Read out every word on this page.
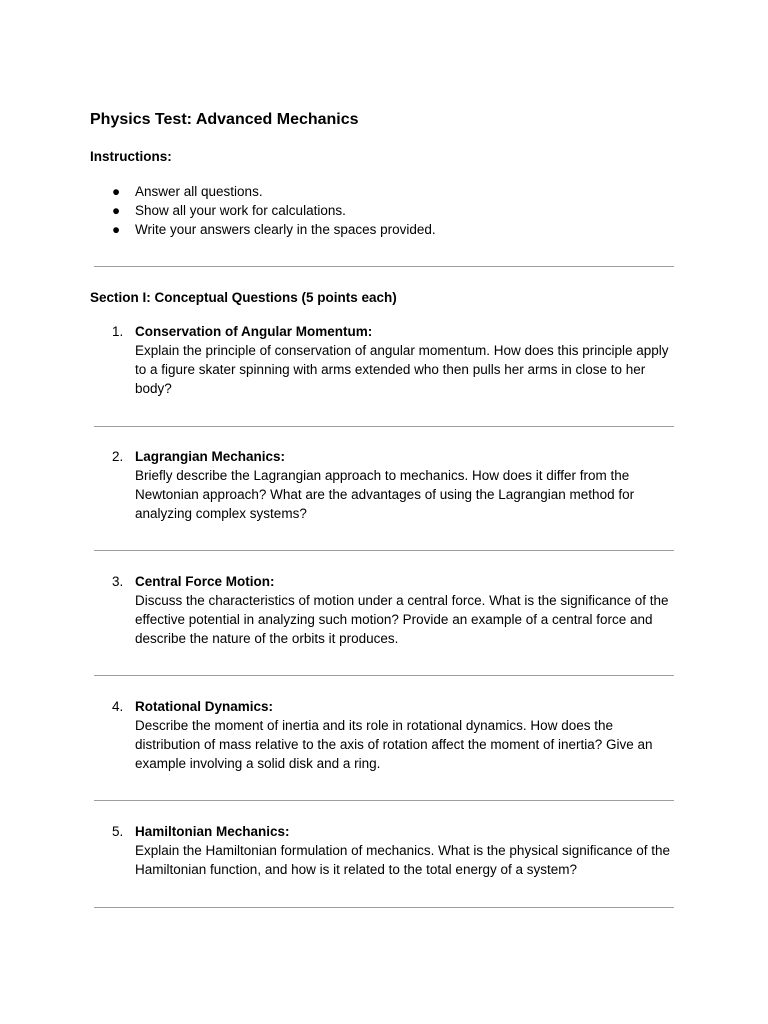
Physics Test: Advanced Mechanics
Instructions:
● Answer all questions.
● Show all your work for calculations.
● Write your answers clearly in the spaces provided.
Section I: Conceptual Questions (5 points each)
1. Conservation of Angular Momentum:
Explain the principle of conservation of angular momentum. How does this principle apply to a figure skater spinning with arms extended who then pulls her arms in close to her body?
2. Lagrangian Mechanics:
Briefly describe the Lagrangian approach to mechanics. How does it differ from the Newtonian approach? What are the advantages of using the Lagrangian method for analyzing complex systems?
3. Central Force Motion:
Discuss the characteristics of motion under a central force. What is the significance of the effective potential in analyzing such motion? Provide an example of a central force and describe the nature of the orbits it produces.
4. Rotational Dynamics:
Describe the moment of inertia and its role in rotational dynamics. How does the distribution of mass relative to the axis of rotation affect the moment of inertia? Give an example involving a solid disk and a ring.
5. Hamiltonian Mechanics:
Explain the Hamiltonian formulation of mechanics. What is the physical significance of the Hamiltonian function, and how is it related to the total energy of a system?
